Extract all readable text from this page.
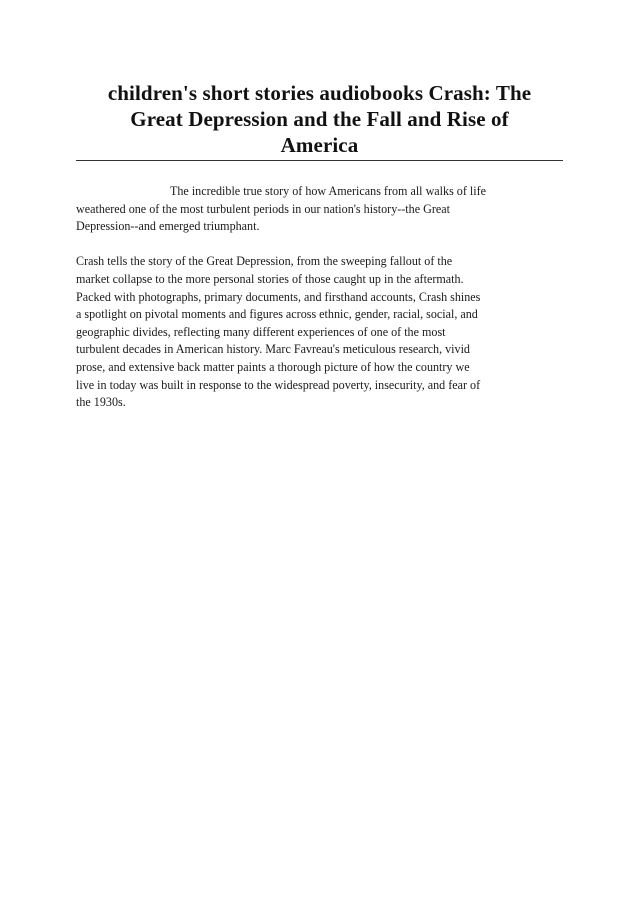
children's short stories audiobooks Crash: The
Great Depression and the Fall and Rise of
America

The incredible true story of how Americans from all walks of life
weathered one of the most turbulent periods in our nation's history--the Great
Depression--and emerged triumphant.

Crash tells the story of the Great Depression, from the sweeping fallout of the
market collapse to the more personal stories of those caught up in the aftermath.
Packed with photographs, primary documents, and firsthand accounts, Crash shines
a spotlight on pivotal moments and figures across ethnic, gender, racial, social, and
geographic divides, reflecting many different experiences of one of the most
turbulent decades in American history. Marc Favreau's meticulous research, vivid
prose, and extensive back matter paints a thorough picture of how the country we
live in today was built in response to the widespread poverty, insecurity, and fear of
the 1930s.
